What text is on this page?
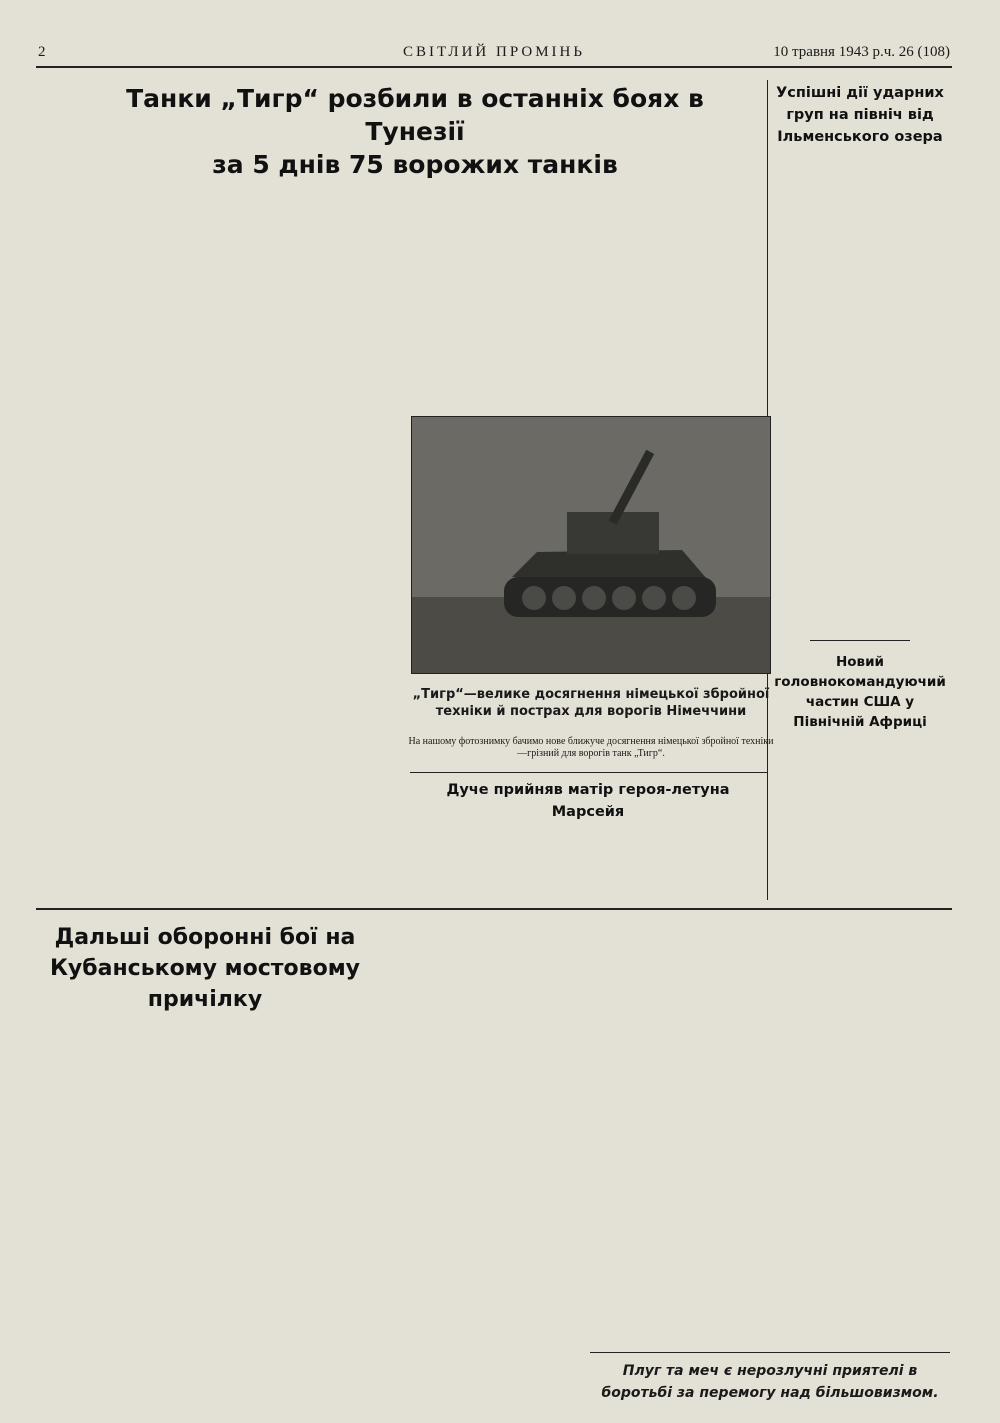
2	СВІТЛИЙ ПРОМІНЬ	10 травня 1943 р.ч. 26 (108)
Танки „Тигр“ розбили в останніх боях в Тунезії
за 5 днів 75 ворожих танків
Успішні дії ударних груп на північ від Ільменського озера
„Тигр“—велике досягнення німецької збройної техніки й пострах для ворогів Німеччини
На нашому фотознимку бачимо нове ближуче досягнення німецької збройної техніки—грізний для ворогів танк „Тигр“.
Дуче прийняв матір героя-летуна Марсейя
Новий головнокомандуючий частин США у Північній Африці
Дальші оборонні бої на Кубанському мостовому причілку
Плуг та меч є нерозлучні приятелі в боротьбі за перемогу над більшовизмом.
